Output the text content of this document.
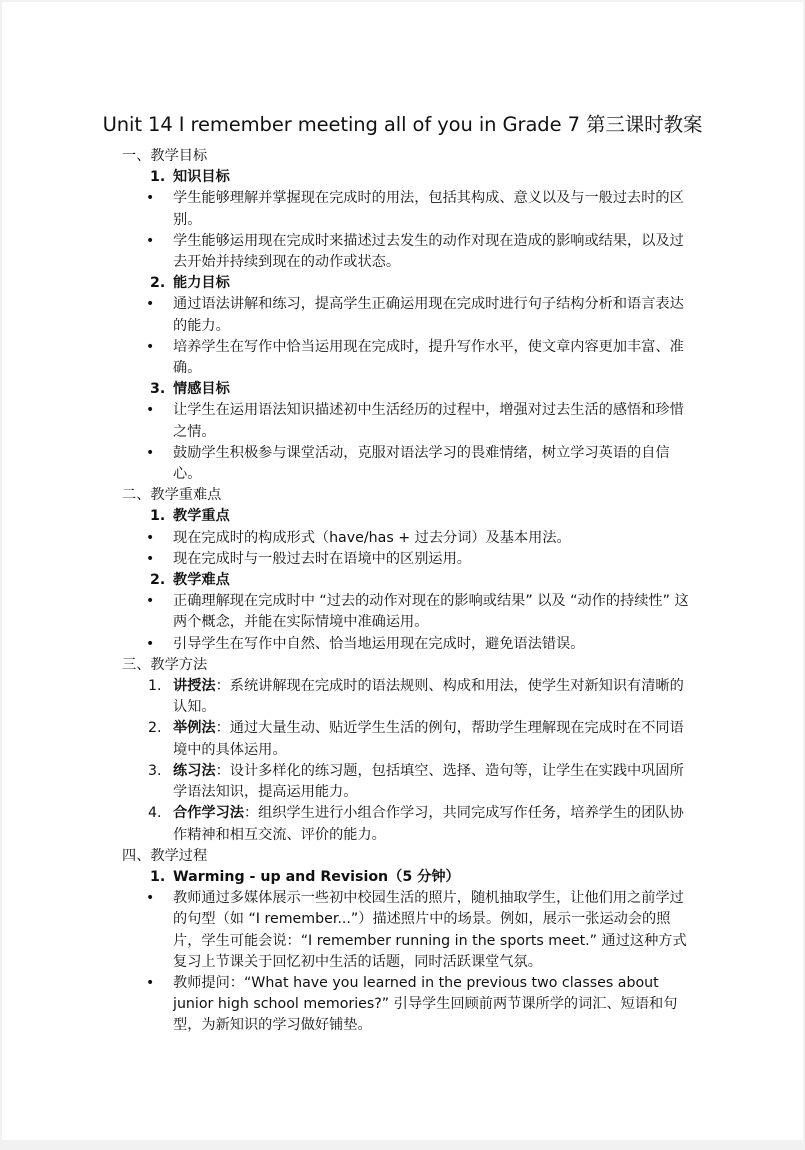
Unit 14 I remember meeting all of you in Grade 7 第三课时教案
一、教学目标
1. 知识目标
• 学生能够理解并掌握现在完成时的用法，包括其构成、意义以及与一般过去时的区别。
• 学生能够运用现在完成时来描述过去发生的动作对现在造成的影响或结果，以及过去开始并持续到现在的动作或状态。
2. 能力目标
• 通过语法讲解和练习，提高学生正确运用现在完成时进行句子结构分析和语言表达的能力。
• 培养学生在写作中恰当运用现在完成时，提升写作水平，使文章内容更加丰富、准确。
3. 情感目标
• 让学生在运用语法知识描述初中生活经历的过程中，增强对过去生活的感悟和珍惜之情。
• 鼓励学生积极参与课堂活动，克服对语法学习的畏难情绪，树立学习英语的自信心。
二、教学重难点
1. 教学重点
• 现在完成时的构成形式（have/has + 过去分词）及基本用法。
• 现在完成时与一般过去时在语境中的区别运用。
2. 教学难点
• 正确理解现在完成时中 “过去的动作对现在的影响或结果” 以及 “动作的持续性” 这两个概念，并能在实际情境中准确运用。
• 引导学生在写作中自然、恰当地运用现在完成时，避免语法错误。
三、教学方法
1. 讲授法：系统讲解现在完成时的语法规则、构成和用法，使学生对新知识有清晰的认知。
2. 举例法：通过大量生动、贴近学生生活的例句，帮助学生理解现在完成时在不同语境中的具体运用。
3. 练习法：设计多样化的练习题，包括填空、选择、造句等，让学生在实践中巩固所学语法知识，提高运用能力。
4. 合作学习法：组织学生进行小组合作学习，共同完成写作任务，培养学生的团队协作精神和相互交流、评价的能力。
四、教学过程
1. Warming - up and Revision（5 分钟）
• 教师通过多媒体展示一些初中校园生活的照片，随机抽取学生，让他们用之前学过的句型（如 “I remember...”）描述照片中的场景。例如，展示一张运动会的照片，学生可能会说：“I remember running in the sports meet.” 通过这种方式复习上节课关于回忆初中生活的话题，同时活跃课堂气氛。
• 教师提问：“What have you learned in the previous two classes about junior high school memories?” 引导学生回顾前两节课所学的词汇、短语和句型，为新知识的学习做好铺垫。
